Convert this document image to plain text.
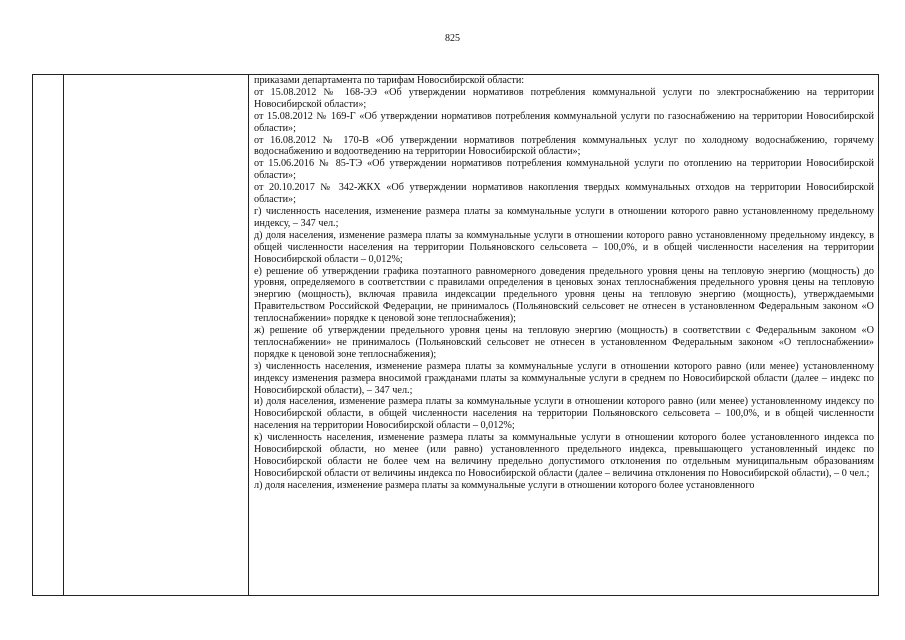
825

приказами департамента по тарифам Новосибирской области:

от 15.08.2012 № 168-ЭЭ «Об утверждении нормативов потребления коммунальной услуги по электроснабжению на территории Новосибирской области»;

от 15.08.2012 № 169-Г «Об утверждении нормативов потребления коммунальной услуги по газоснабжению на территории Новосибирской области»;

от 16.08.2012 № 170-В «Об утверждении нормативов потребления коммунальных услуг по холодному водоснабжению, горячему водоснабжению и водоотведению на территории Новосибирской области»;

от 15.06.2016 № 85-ТЭ «Об утверждении нормативов потребления коммунальной услуги по отоплению на территории Новосибирской области»;

от 20.10.2017 № 342-ЖКХ «Об утверждении нормативов накопления твердых коммунальных отходов на территории Новосибирской области»;

г) численность населения, изменение размера платы за коммунальные услуги в отношении которого равно установленному предельному индексу, – 347 чел.;

д) доля населения, изменение размера платы за коммунальные услуги в отношении которого равно установленному предельному индексу, в общей численности населения на территории Польяновского сельсовета – 100,0%, и в общей численности населения на территории Новосибирской области – 0,012%;

е) решение об утверждении графика поэтапного равномерного доведения предельного уровня цены на тепловую энергию (мощность) до уровня, определяемого в соответствии с правилами определения в ценовых зонах теплоснабжения предельного уровня цены на тепловую энергию (мощность), включая правила индексации предельного уровня цены на тепловую энергию (мощность), утверждаемыми Правительством Российской Федерации, не принималось (Польяновский сельсовет не отнесен в установленном Федеральным законом «О теплоснабжении» порядке к ценовой зоне теплоснабжения);

ж) решение об утверждении предельного уровня цены на тепловую энергию (мощность) в соответствии с Федеральным законом «О теплоснабжении» не принималось (Польяновский сельсовет не отнесен в установленном Федеральным законом «О теплоснабжении» порядке к ценовой зоне теплоснабжения);

з) численность населения, изменение размера платы за коммунальные услуги в отношении которого равно (или менее) установленному индексу изменения размера вносимой гражданами платы за коммунальные услуги в среднем по Новосибирской области (далее – индекс по Новосибирской области), – 347 чел.;

и) доля населения, изменение размера платы за коммунальные услуги в отношении которого равно (или менее) установленному индексу по Новосибирской области, в общей численности населения на территории Польяновского сельсовета – 100,0%, и в общей численности населения на территории Новосибирской области – 0,012%;

к) численность населения, изменение размера платы за коммунальные услуги в отношении которого более установленного индекса по Новосибирской области, но менее (или равно) установленного предельного индекса, превышающего установленный индекс по Новосибирской области не более чем на величину предельно допустимого отклонения по отдельным муниципальным образованиям Новосибирской области от величины индекса по Новосибирской области (далее – величина отклонения по Новосибирской области), – 0 чел.;

л) доля населения, изменение размера платы за коммунальные услуги в отношении которого более установленного
